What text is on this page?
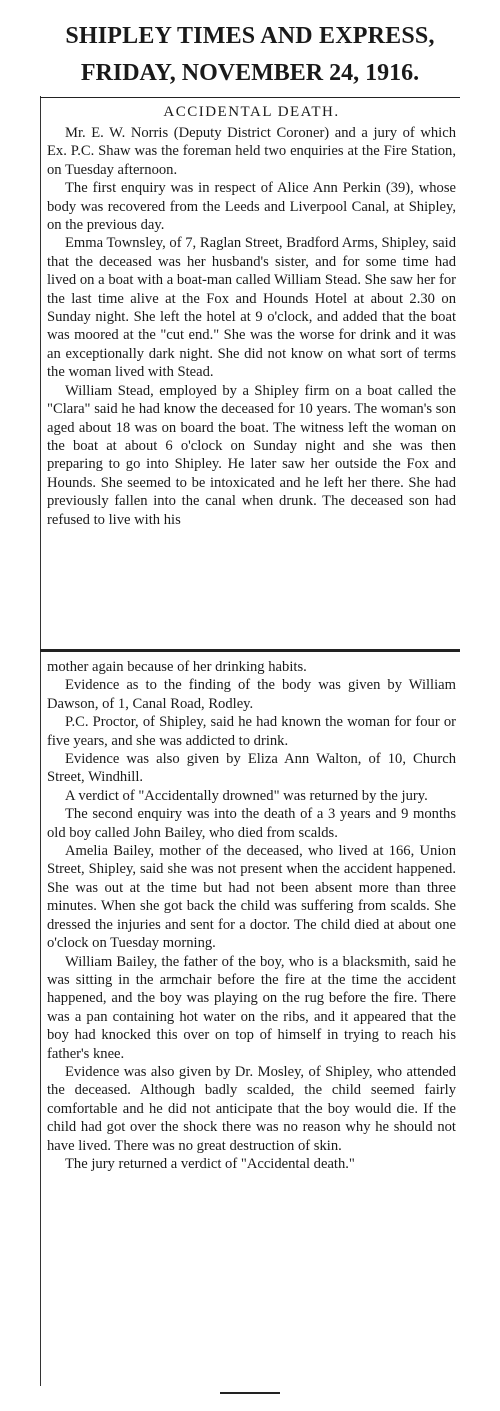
SHIPLEY TIMES AND EXPRESS,
FRIDAY, NOVEMBER 24, 1916.
ACCIDENTAL DEATH.

Mr. E. W. Norris (Deputy District Coroner) and a jury of which Ex. P.C. Shaw was the foreman held two enquiries at the Fire Station, on Tuesday afternoon.

The first enquiry was in respect of Alice Ann Perkin (39), whose body was recovered from the Leeds and Liverpool Canal, at Shipley, on the previous day.

Emma Townsley, of 7, Raglan Street, Bradford Arms, Shipley, said that the deceased was her husband's sister, and for some time had lived on a boat with a boat-man called William Stead. She saw her for the last time alive at the Fox and Hounds Hotel at about 2.30 on Sunday night. She left the hotel at 9 o'clock, and added that the boat was moored at the "cut end." She was the worse for drink and it was an exceptionally dark night. She did not know on what sort of terms the woman lived with Stead.

William Stead, employed by a Shipley firm on a boat called the "Clara" said he had know the deceased for 10 years. The woman's son aged about 18 was on board the boat. The witness left the woman on the boat at about 6 o'clock on Sunday night and she was then preparing to go into Shipley. He later saw her outside the Fox and Hounds. She seemed to be intoxicated and he left her there. She had previously fallen into the canal when drunk. The deceased son had refused to live with his

mother again because of her drinking habits.

Evidence as to the finding of the body was given by William Dawson, of 1, Canal Road, Rodley.

P.C. Proctor, of Shipley, said he had known the woman for four or five years, and she was addicted to drink.

Evidence was also given by Eliza Ann Walton, of 10, Church Street, Windhill.

A verdict of "Accidentally drowned" was returned by the jury.

The second enquiry was into the death of a 3 years and 9 months old boy called John Bailey, who died from scalds.

Amelia Bailey, mother of the deceased, who lived at 166, Union Street, Shipley, said she was not present when the accident happened. She was out at the time but had not been absent more than three minutes. When she got back the child was suffering from scalds. She dressed the injuries and sent for a doctor. The child died at about one o'clock on Tuesday morning.

William Bailey, the father of the boy, who is a blacksmith, said he was sitting in the armchair before the fire at the time the accident happened, and the boy was playing on the rug before the fire. There was a pan containing hot water on the ribs, and it appeared that the boy had knocked this over on top of himself in trying to reach his father's knee.

Evidence was also given by Dr. Mosley, of Shipley, who attended the deceased. Although badly scalded, the child seemed fairly comfortable and he did not anticipate that the boy would die. If the child had got over the shock there was no reason why he should not have lived. There was no great destruction of skin.

The jury returned a verdict of "Accidental death."
